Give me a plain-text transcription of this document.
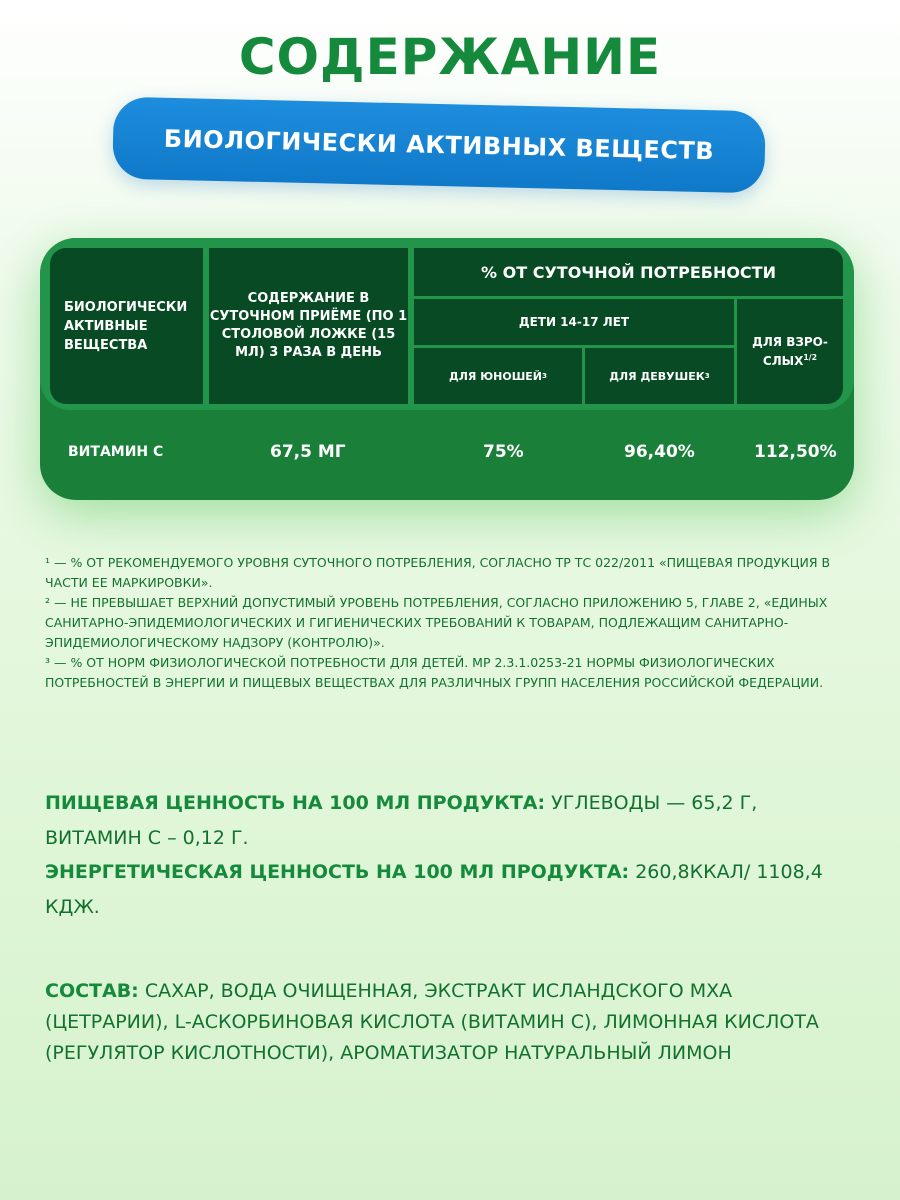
СОДЕРЖАНИЕ
БИОЛОГИЧЕСКИ АКТИВНЫХ ВЕЩЕСТВ
БИОЛОГИЧЕСКИ АКТИВНЫЕ ВЕЩЕСТВА
СОДЕРЖАНИЕ В СУТОЧНОМ ПРИЁМЕ (ПО 1 СТОЛОВОЙ ЛОЖКЕ (15 МЛ) 3 РАЗА В ДЕНЬ
% ОТ СУТОЧНОЙ ПОТРЕБНОСТИ
ДЕТИ 14-17 ЛЕТ
ДЛЯ ЮНОШЕЙ 3	ДЛЯ ДЕВУШЕК 3
ДЛЯ ВЗРО-$СЛЫХ^{1/2}$
ВИТАМИН С	67,5 МГ	75%	96,40%	112,50%

¹ — % ОТ РЕКОМЕНДУЕМОГО УРОВНЯ СУТОЧНОГО ПОТРЕБЛЕНИЯ, СОГЛАСНО ТР ТС 022/2011 «ПИЩЕВАЯ ПРОДУКЦИЯ В ЧАСТИ ЕЕ МАРКИРОВКИ».

² — НЕ ПРЕВЫШАЕТ ВЕРХНИЙ ДОПУСТИМЫЙ УРОВЕНЬ ПОТРЕБЛЕНИЯ, СОГЛАСНО ПРИЛОЖЕНИЮ 5, ГЛАВЕ 2, «ЕДИНЫХ САНИТАРНО-ЭПИДЕМИОЛОГИЧЕСКИХ И ГИГИЕНИЧЕСКИХ ТРЕБОВАНИЙ К ТОВАРАМ, ПОДЛЕЖАЩИМ САНИТАРНО-ЭПИДЕМИОЛОГИЧЕСКОМУ НАДЗОРУ (КОНТРОЛЮ)».

³ — % ОТ НОРМ ФИЗИОЛОГИЧЕСКОЙ ПОТРЕБНОСТИ ДЛЯ ДЕТЕЙ. МР 2.3.1.0253-21 НОРМЫ ФИЗИОЛОГИЧЕСКИХ ПОТРЕБНОСТЕЙ В ЭНЕРГИИ И ПИЩЕВЫХ ВЕЩЕСТВАХ ДЛЯ РАЗЛИЧНЫХ ГРУПП НАСЕЛЕНИЯ РОССИЙСКОЙ ФЕДЕРАЦИИ.

ПИЩЕВАЯ ЦЕННОСТЬ НА 100 МЛ ПРОДУКТА: УГЛЕВОДЫ — 65,2 Г, ВИТАМИН С – 0,12 Г.

ЭНЕРГЕТИЧЕСКАЯ ЦЕННОСТЬ НА 100 МЛ ПРОДУКТА: 260,8ККАЛ/ 1108,4 КДЖ.

СОСТАВ: САХАР, ВОДА ОЧИЩЕННАЯ, ЭКСТРАКТ ИСЛАНДСКОГО МХА (ЦЕТРАРИИ), L-АСКОРБИНОВАЯ КИСЛОТА (ВИТАМИН С), ЛИМОННАЯ КИСЛОТА (РЕГУЛЯТОР КИСЛОТНОСТИ), АРОМАТИЗАТОР НАТУРАЛЬНЫЙ ЛИМОН
